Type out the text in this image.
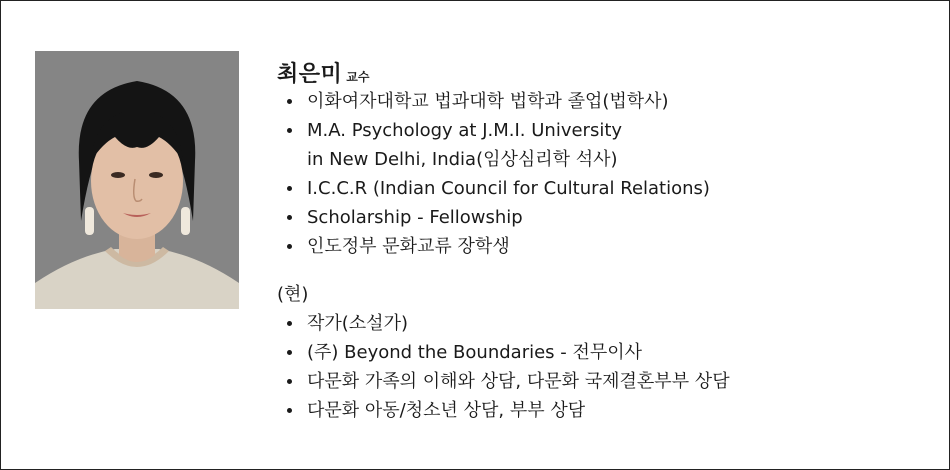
최은미 교수
이화여자대학교 법과대학 법학과 졸업(법학사)
M.A. Psychology at J.M.I. University
in New Delhi, India(임상심리학 석사)
I.C.C.R (Indian Council for Cultural Relations)
Scholarship - Fellowship
인도정부 문화교류 장학생
(현)
작가(소설가)
(주) Beyond the Boundaries - 전무이사
다문화 가족의 이해와 상담, 다문화 국제결혼부부 상담
다문화 아동/청소년 상담, 부부 상담
